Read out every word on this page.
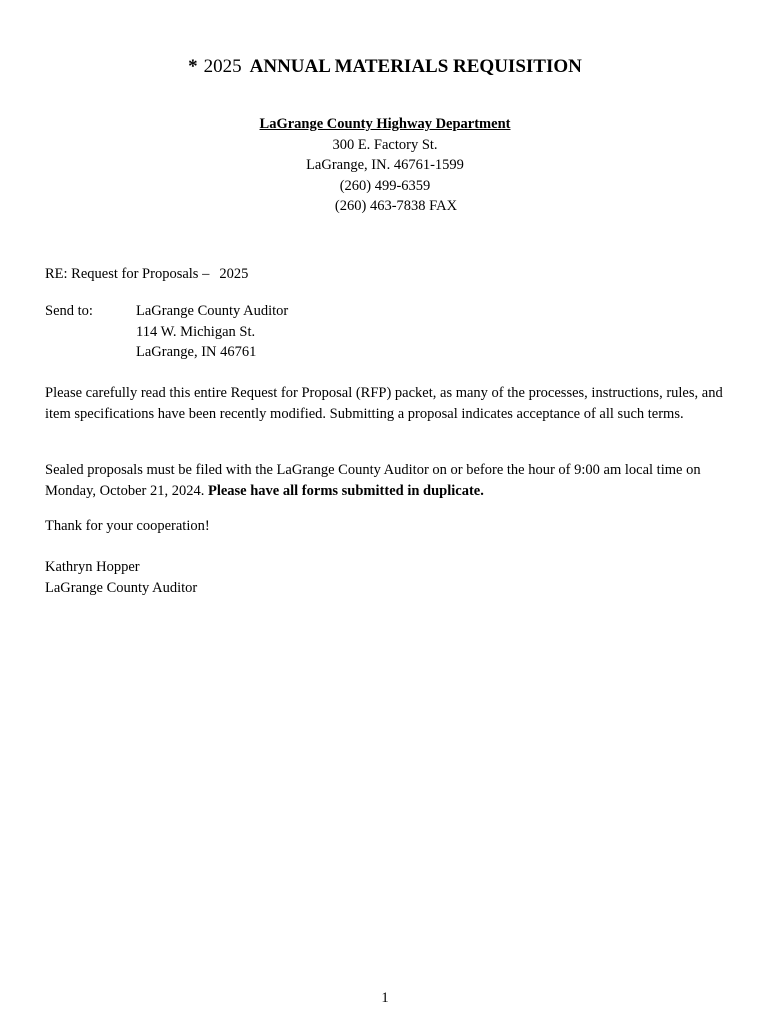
* 2025 ANNUAL MATERIALS REQUISITION
LaGrange County Highway Department
300 E. Factory St.
LaGrange, IN. 46761-1599
(260) 499-6359
(260) 463-7838 FAX
RE: Request for Proposals – 2025
Send to:	LaGrange County Auditor
114 W. Michigan St.
LaGrange, IN 46761
Please carefully read this entire Request for Proposal (RFP) packet, as many of the processes, instructions, rules, and item specifications have been recently modified. Submitting a proposal indicates acceptance of all such terms.
Sealed proposals must be filed with the LaGrange County Auditor on or before the hour of 9:00 am local time on Monday, October 21, 2024. Please have all forms submitted in duplicate.
Thank for your cooperation!
Kathryn Hopper
LaGrange County Auditor
1
